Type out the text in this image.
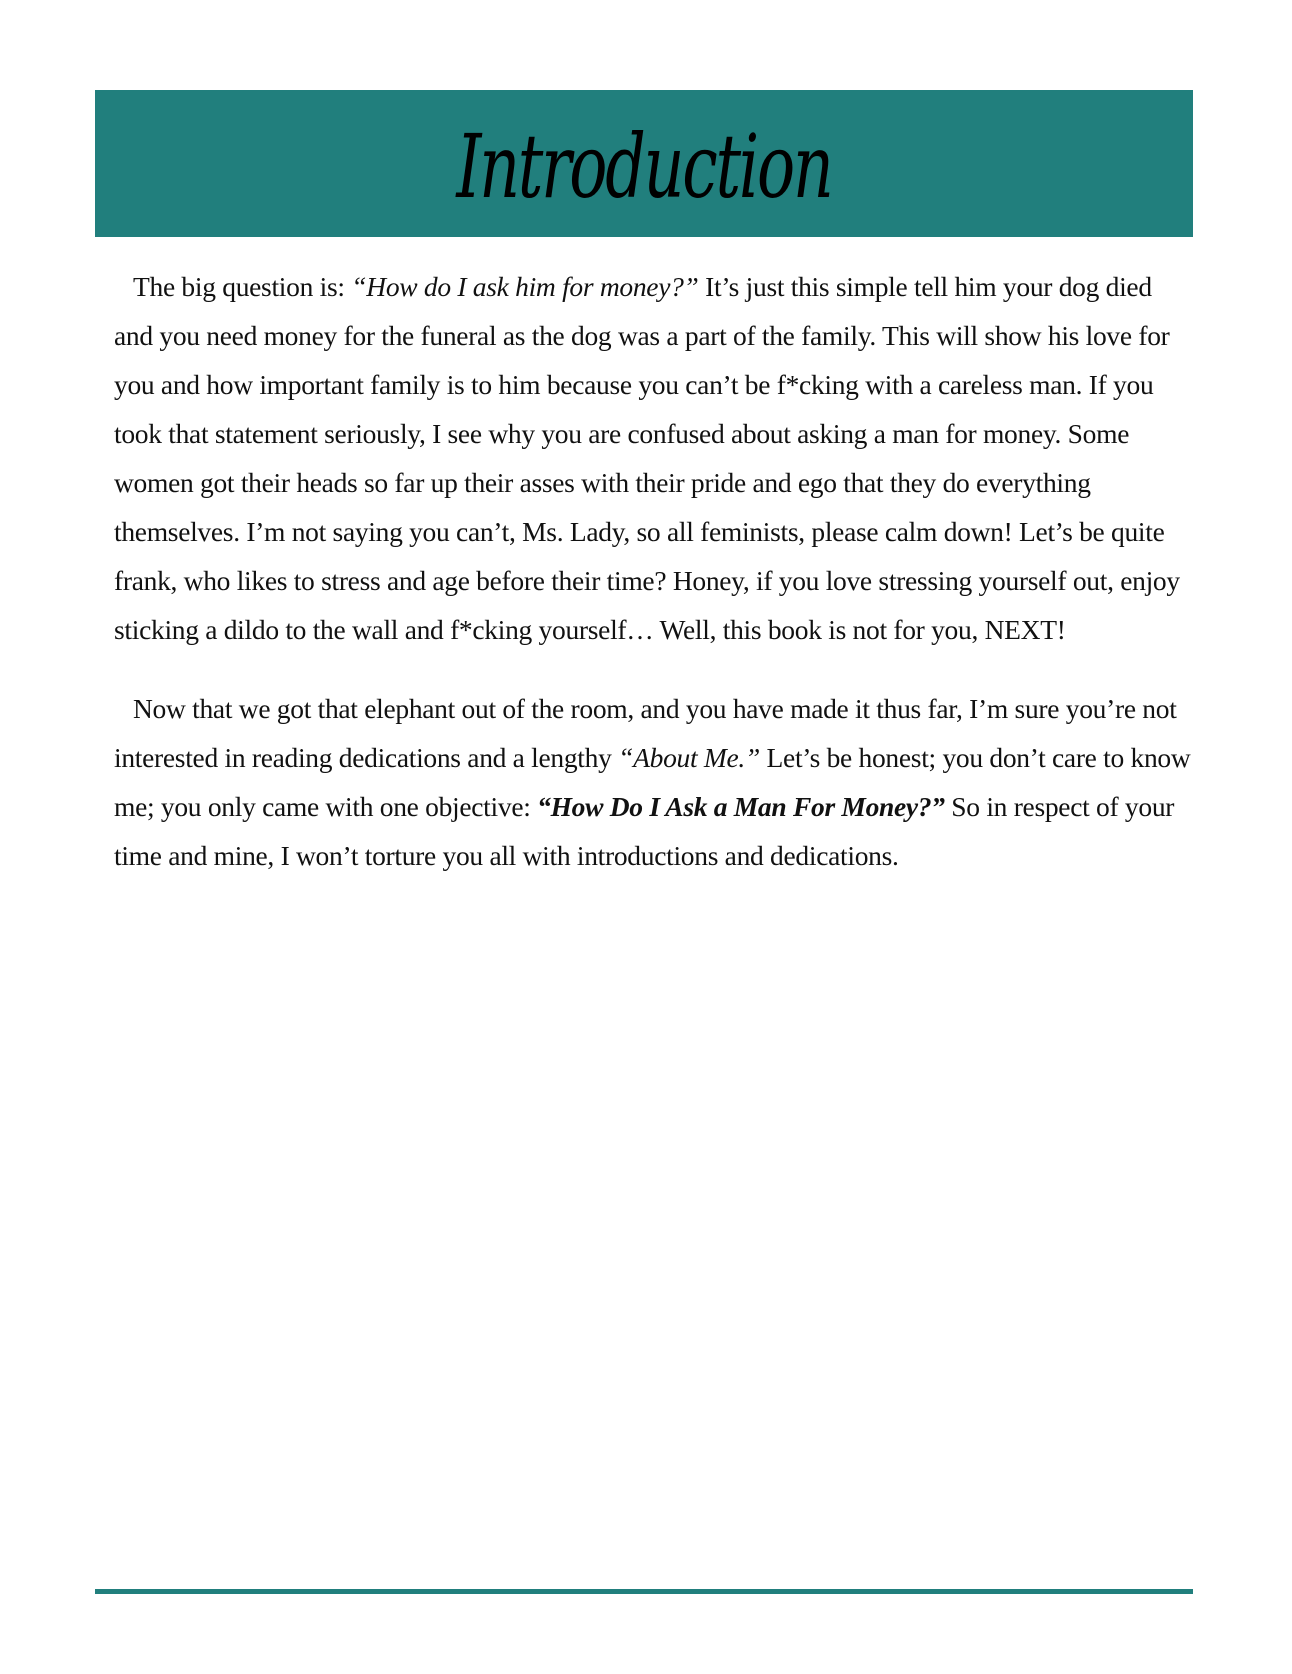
Introduction

The big question is: “How do I ask him for money?” It’s just this simple tell him your dog died and you need money for the funeral as the dog was a part of the family. This will show his love for you and how important family is to him because you can’t be f*cking with a careless man. If you took that statement seriously, I see why you are confused about asking a man for money. Some women got their heads so far up their asses with their pride and ego that they do everything themselves. I’m not saying you can’t, Ms. Lady, so all feminists, please calm down! Let’s be quite frank, who likes to stress and age before their time? Honey, if you love stressing yourself out, enjoy sticking a dildo to the wall and f*cking yourself… Well, this book is not for you, NEXT!

Now that we got that elephant out of the room, and you have made it thus far, I’m sure you’re not interested in reading dedications and a lengthy “About Me.” Let’s be honest; you don’t care to know me; you only came with one objective: “How Do I Ask a Man For Money?” So in respect of your time and mine, I won’t torture you all with introductions and dedications.
